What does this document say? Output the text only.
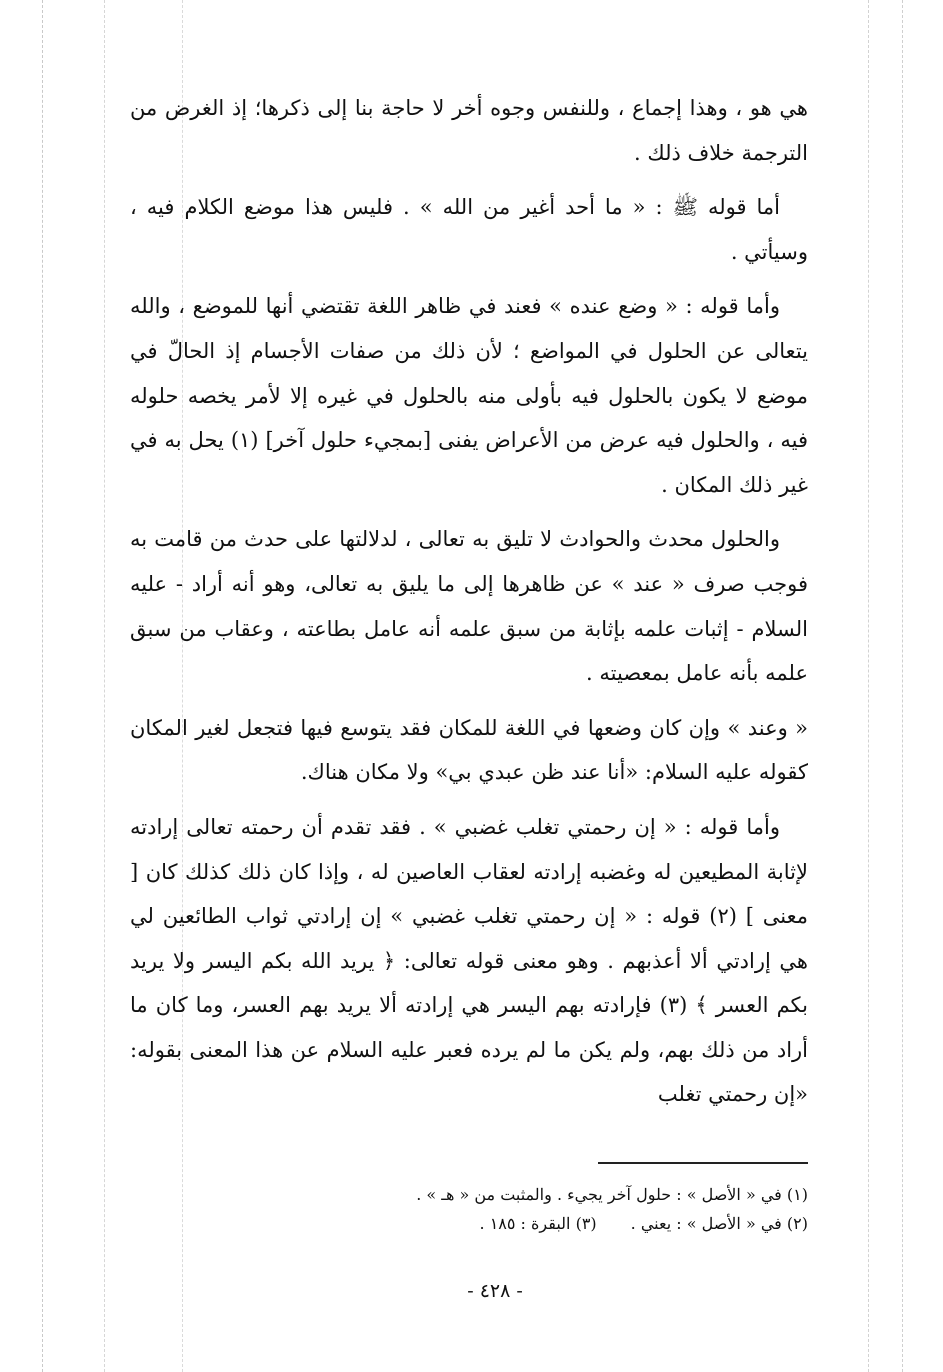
هي هو ، وهذا إجماع ، وللنفس وجوه أخر لا حاجة بنا إلى ذكرها؛ إذ الغرض من الترجمة خلاف ذلك .

أما قوله ﷺ : « ما أحد أغير من الله » . فليس هذا موضع الكلام فيه ، وسيأتي .

وأما قوله : « وضع عنده » فعند في ظاهر اللغة تقتضي أنها للموضع ، والله يتعالى عن الحلول في المواضع ؛ لأن ذلك من صفات الأجسام إذ الحالّ في موضع لا يكون بالحلول فيه بأولى منه بالحلول في غيره إلا لأمر يخصه حلوله فيه ، والحلول فيه عرض من الأعراض يفنى [بمجيء حلول آخر] (١) يحل به في غير ذلك المكان .

والحلول محدث والحوادث لا تليق به تعالى ، لدلالتها على حدث من قامت به فوجب صرف « عند » عن ظاهرها إلى ما يليق به تعالى، وهو أنه أراد - عليه السلام - إثبات علمه بإثابة من سبق علمه أنه عامل بطاعته ، وعقاب من سبق علمه بأنه عامل بمعصيته .

« وعند » وإن كان وضعها في اللغة للمكان فقد يتوسع فيها فتجعل لغير المكان كقوله عليه السلام: «أنا عند ظن عبدي بي» ولا مكان هناك.

وأما قوله : « إن رحمتي تغلب غضبي » . فقد تقدم أن رحمته تعالى إرادته لإثابة المطيعين له وغضبه إرادته لعقاب العاصين له ، وإذا كان ذلك كذلك كان [ معنى ] (٢) قوله : « إن رحمتي تغلب غضبي » إن إرادتي ثواب الطائعين لي هي إرادتي ألا أعذبهم . وهو معنى قوله تعالى: ﴿ يريد الله بكم اليسر ولا يريد بكم العسر ﴾ (٣) فإرادته بهم اليسر هي إرادته ألا يريد بهم العسر، وما كان ما أراد من ذلك بهم، ولم يكن ما لم يرده فعبر عليه السلام عن هذا المعنى بقوله: «إن رحمتي تغلب

(١) في « الأصل » : حلول آخر يجيء . والمثبت من « هـ » .

(٢) في « الأصل » : يعني .(٣) البقرة : ١٨٥ .

- ٤٢٨ -
